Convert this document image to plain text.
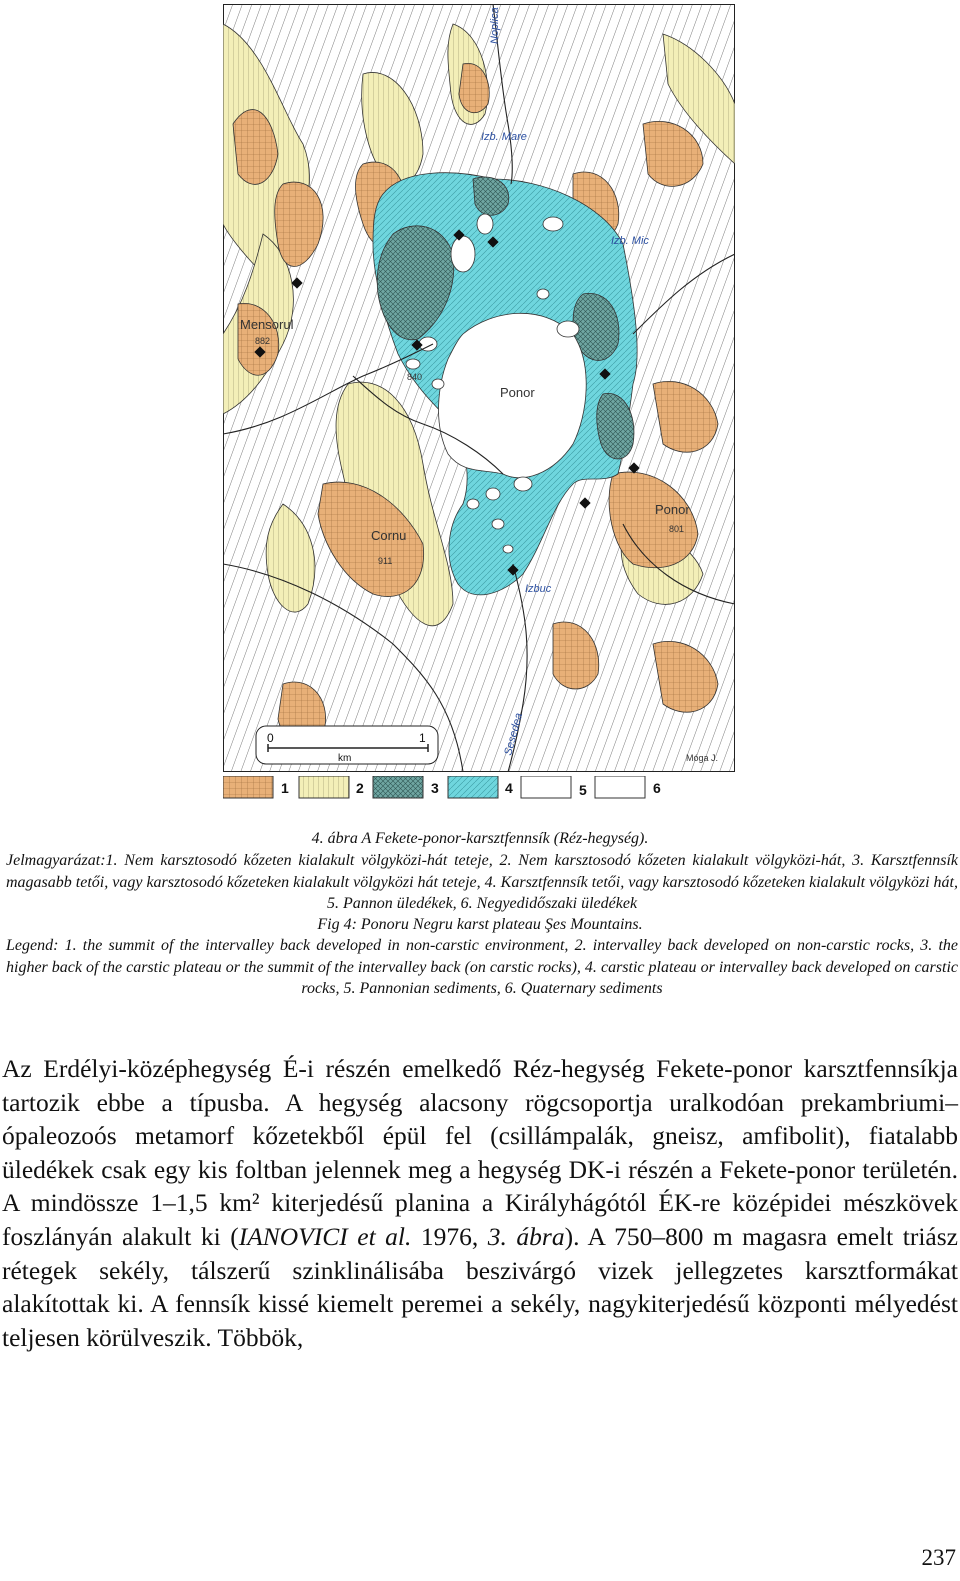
Noplica
Izb. Mare
Izb. Mic
Izbuc
Sesedea
Mensorul
882
840
Ponor
Ponor
801
Cornu
911
Móga J.
0	1
km
1	2	3	4	5	6

4. ábra A Fekete-ponor-karsztfennsík (Réz-hegység).

Jelmagyarázat:1. Nem karsztosodó kőzeten kialakult völgyközi-hát teteje, 2. Nem karsztosodó kőzeten kialakult völgyközi-hát, 3. Karsztfennsík magasabb tetői, vagy karsztosodó kőzeteken kialakult völgyközi hát teteje, 4. Karsztfennsík tetői, vagy karsztosodó kőzeteken kialakult völgyközi hát, 5. Pannon üledékek, 6. Negyedidőszaki üledékek

Fig 4: Ponoru Negru karst plateau Şes Mountains.

Legend: 1. the summit of the intervalley back developed in non-carstic environment, 2. intervalley back developed on non-carstic rocks, 3. the higher back of the carstic plateau or the summit of the intervalley back (on carstic rocks), 4. carstic plateau or intervalley back developed on carstic rocks, 5. Pannonian sediments, 6. Quaternary sediments

Az Erdélyi-középhegység É-i részén emelkedő Réz-hegység Fekete-ponor karsztfennsíkja tartozik ebbe a típusba. A hegység alacsony rögcsoportja uralkodóan prekambriumi–ópaleozoós metamorf kőzetekből épül fel (csillámpalák, gneisz, amfibolit), fiatalabb üledékek csak egy kis foltban jelennek meg a hegység DK-i részén a Fekete-ponor területén. A mindössze 1–1,5 km² kiterjedésű planina a Királyhágótól ÉK-re középidei mészkövek foszlányán alakult ki (IANOVICI et al. 1976, 3. ábra). A 750–800 m magasra emelt triász rétegek sekély, tálszerű szinklinálisába beszivárgó vizek jellegzetes karsztformákat alakítottak ki. A fennsík kissé kiemelt peremei a sekély, nagykiterjedésű központi mélyedést teljesen körülveszik. Többök,

237
